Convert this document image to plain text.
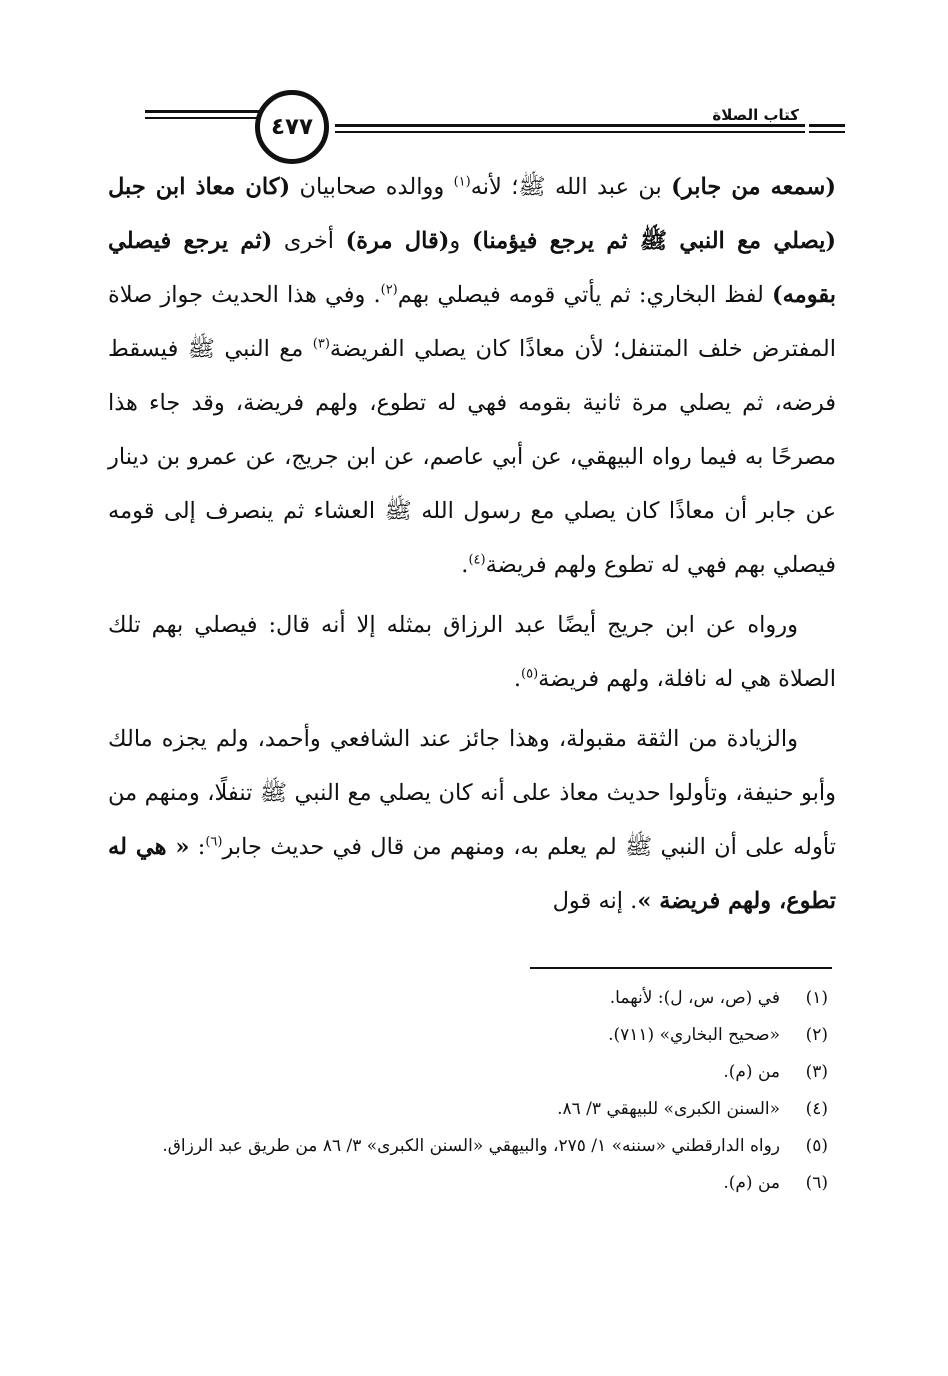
٤٧٧	كتاب الصلاة

(سمعه من جابر) بن عبد الله ﷺ؛ لأنه$^{(١)}$ ووالده صحابيان (كان معاذ ابن جبل (يصلي مع النبي ﷺ ثم يرجع فيؤمنا) و(قال مرة) أخرى (ثم يرجع فيصلي بقومه) لفظ البخاري: ثم يأتي قومه فيصلي بهم$^{(٢)}$. وفي هذا الحديث جواز صلاة المفترض خلف المتنفل؛ لأن معاذًا كان يصلي الفريضة$^{(٣)}$ مع النبي ﷺ فيسقط فرضه، ثم يصلي مرة ثانية بقومه فهي له تطوع، ولهم فريضة، وقد جاء هذا مصرحًا به فيما رواه البيهقي، عن أبي عاصم، عن ابن جريج، عن عمرو بن دينار عن جابر أن معاذًا كان يصلي مع رسول الله ﷺ العشاء ثم ينصرف إلى قومه فيصلي بهم فهي له تطوع ولهم فريضة$^{(٤)}$.

ورواه عن ابن جريج أيضًا عبد الرزاق بمثله إلا أنه قال: فيصلي بهم تلك الصلاة هي له نافلة، ولهم فريضة$^{(٥)}$.

والزيادة من الثقة مقبولة، وهذا جائز عند الشافعي وأحمد، ولم يجزه مالك وأبو حنيفة، وتأولوا حديث معاذ على أنه كان يصلي مع النبي ﷺ تنفلًا، ومنهم من تأوله على أن النبي ﷺ لم يعلم به، ومنهم من قال في حديث جابر$^{(٦)}$: « هي له تطوع، ولهم فريضة ». إنه قول

(١)
في (ص، س، ل): لأنهما.
(٢)
«صحيح البخاري» (٧١١).
(٣)
من (م).
(٤)
«السنن الكبرى» للبيهقي ٣/ ٨٦.
(٥)
رواه الدارقطني «سننه» ١/ ٢٧٥، والبيهقي «السنن الكبرى» ٣/ ٨٦ من طريق عبد الرزاق.
(٦)
من (م).
